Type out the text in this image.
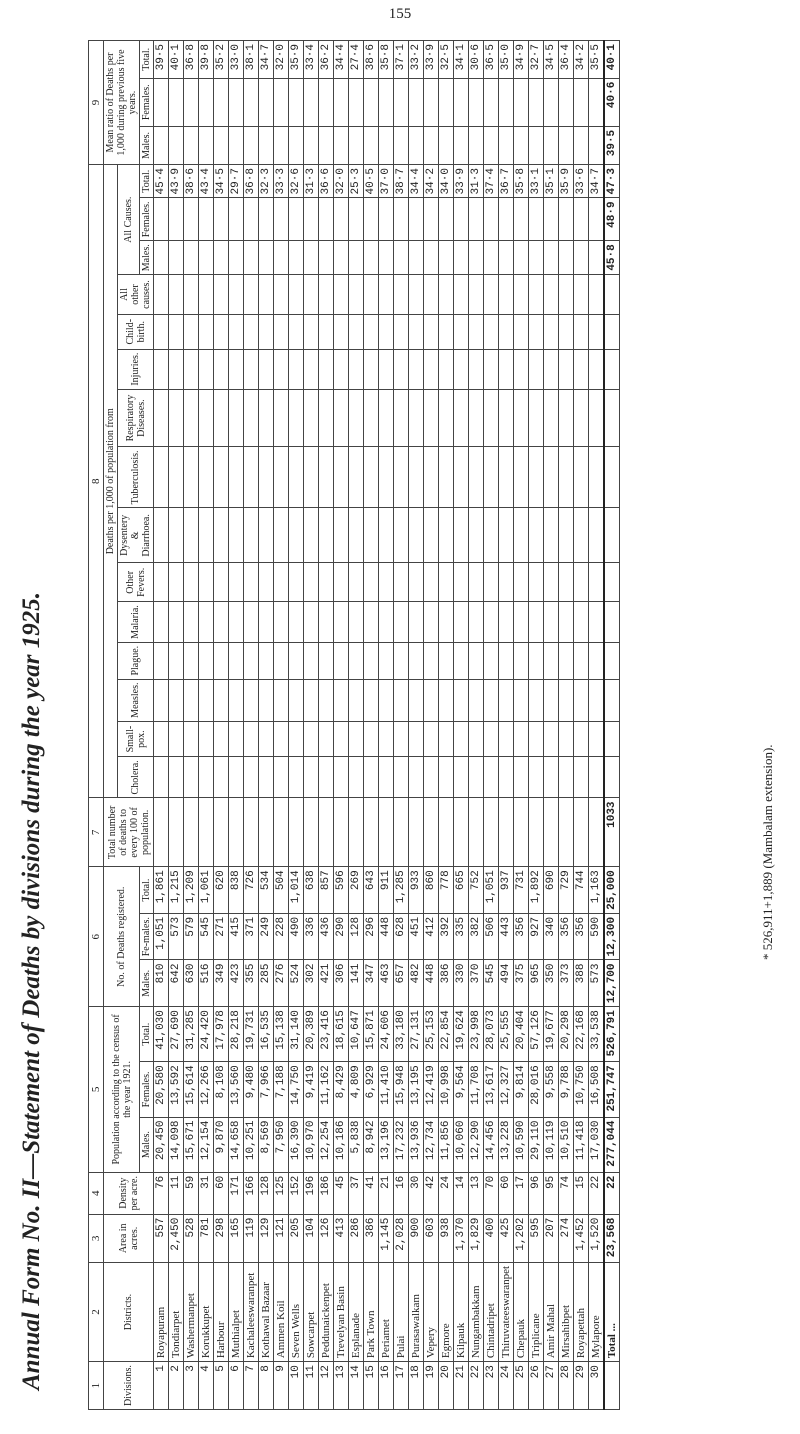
155
Annual Form No. II—Statement of Deaths by divisions during the year 1925.	1	2	3	4	5			6			7	8															9		
Divisions.	Districts.	Area in acres.	Density per acre.	Population according to the census of the year 1921.			No. of Deaths registered.			Total number of deaths to every 100 of population.	Deaths per 1,000 of population from															Mean ratio of Deaths per 1,000 during previous five years.		
											Cholera.	Small-pox.	Measles.	Plague.	Malaria.	Other Fevers.	Dysentery & Diarrhoea.	Tuberculosis.	Respiratory Diseases.	Injuries.	Child-birth.	All other causes.	All Causes.					
				Males.	Females.	Total.	Males.	Fe-males.	Total.														Males.	Females.	Total.	Males.	Females.	Total.
1	Royapuram	557	76	20,450	20,580	41,030	810	1,051	1,861																45·4			39·5
2	Tondiarpet	2,450	11	14,098	13,592	27,690	642	573	1,215																43·9			40·1
3	Washermanpet	528	59	15,671	15,614	31,285	630	579	1,209																38·6			36·8
4	Korukkupet	781	31	12,154	12,266	24,420	516	545	1,061																43·4			39·8
5	Harbour	298	60	9,870	8,108	17,978	349	271	620																34·5			35·2
6	Muthialpet	165	171	14,658	13,560	28,218	423	415	838																29·7			33·0
7	Kachaleeswaranpet	119	166	10,251	9,480	19,731	355	371	726																36·8			38·1
8	Kothawal Bazaar	129	128	8,569	7,966	16,535	285	249	534																32·3			34·7
9	Ammen Koil	121	125	7,950	7,188	15,138	276	228	504																33·3			32·0
10	Seven Wells	205	152	16,390	14,750	31,140	524	490	1,014																32·6			35·9
11	Sowcarpet	104	196	10,970	9,419	20,389	302	336	638																31·3			33·4
12	Peddunaickenpet	126	186	12,254	11,162	23,416	421	436	857																36·6			36·2
13	Trevelyan Basin	413	45	10,186	8,429	18,615	306	290	596																32·0			34·4
14	Esplanade	286	37	5,838	4,809	10,647	141	128	269																25·3			27·4
15	Park Town	386	41	8,942	6,929	15,871	347	296	643																40·5			38·6
16	Periamet	1,145	21	13,196	11,410	24,606	463	448	911																37·0			35·8
17	Pulai	2,028	16	17,232	15,948	33,180	657	628	1,285																38·7			37·1
18	Purasawalkam	900	30	13,936	13,195	27,131	482	451	933																34·4			33·2
19	Vepery	603	42	12,734	12,419	25,153	448	412	860																34·2			33·9
20	Egmore	938	24	11,856	10,998	22,854	386	392	778																34·0			32·5
21	Kilpauk	1,370	14	10,060	9,564	19,624	330	335	665																33·9			34·1
22	Nungambakkam	1,829	13	12,290	11,708	23,998	370	382	752																31·3			30·6
23	Chintadripet	400	70	14,456	13,617	28,073	545	506	1,051																37·4			36·5
24	Thiruvateeswaranpet	425	60	13,228	12,327	25,555	494	443	937																36·7			35·0
25	Chepauk	1,202	17	10,590	9,814	20,404	375	356	731																35·8			34·9
26	Triplicane	595	96	29,110	28,016	57,126	965	927	1,892																33·1			32·7
27	Amir Mahal	207	95	10,119	9,558	19,677	350	340	690																35·1			34·5
28	Mirsahibpet	274	74	10,510	9,788	20,298	373	356	729																35·9			36·4
29	Royapettah	1,452	15	11,418	10,750	22,168	388	356	744																33·6			34·2
30	Mylapore	1,520	22	17,030	16,508	33,538	573	590	1,163																34·7			35·5
	Total ...	23,568	22	277,044	251,747	526,791	12,700	12,300	25,000	1033													45·8	48·9	47·3	39·5	40·6	40·1
* 526,911+1,889 (Mambalam extension).
